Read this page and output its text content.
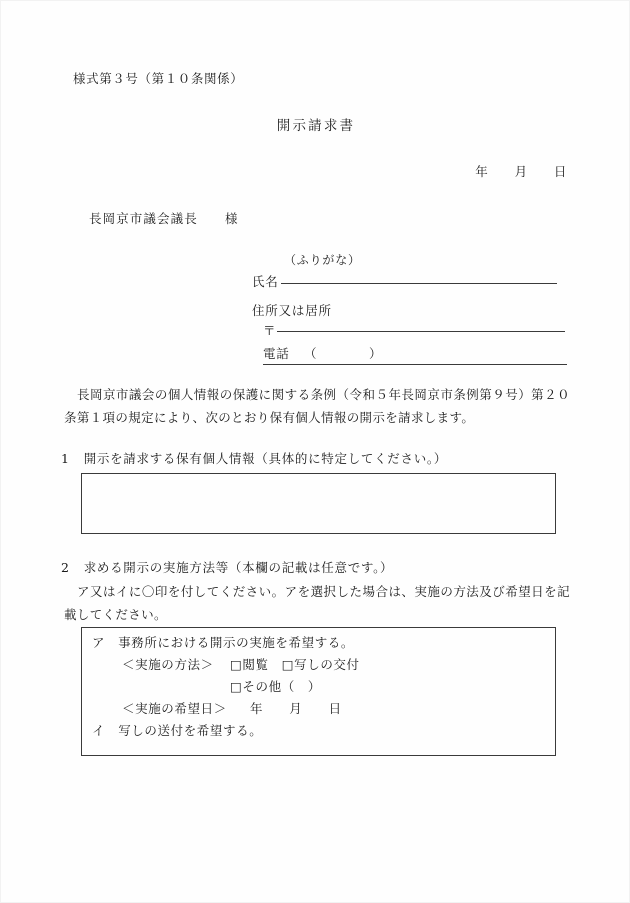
様式第３号（第１０条関係）
開示請求書
年　　月　　日
長岡京市議会議長　　様
（ふりがな）
氏名
住所又は居所
〒
電話 （　　　　）
長岡京市議会の個人情報の保護に関する条例（令和５年長岡京市条例第９号）第２０条第１項の規定により、次のとおり保有個人情報の開示を請求します。
1 開示を請求する保有個人情報（具体的に特定してください。）
2 求める開示の実施方法等（本欄の記載は任意です。）
ア又はイに〇印を付してください。アを選択した場合は、実施の方法及び希望日を記載してください。
ア　事務所における開示の実施を希望する。
＜実施の方法＞ □閲覧　□写しの交付
□その他（　）
＜実施の希望日＞ 年　　月　　日
イ　写しの送付を希望する。
